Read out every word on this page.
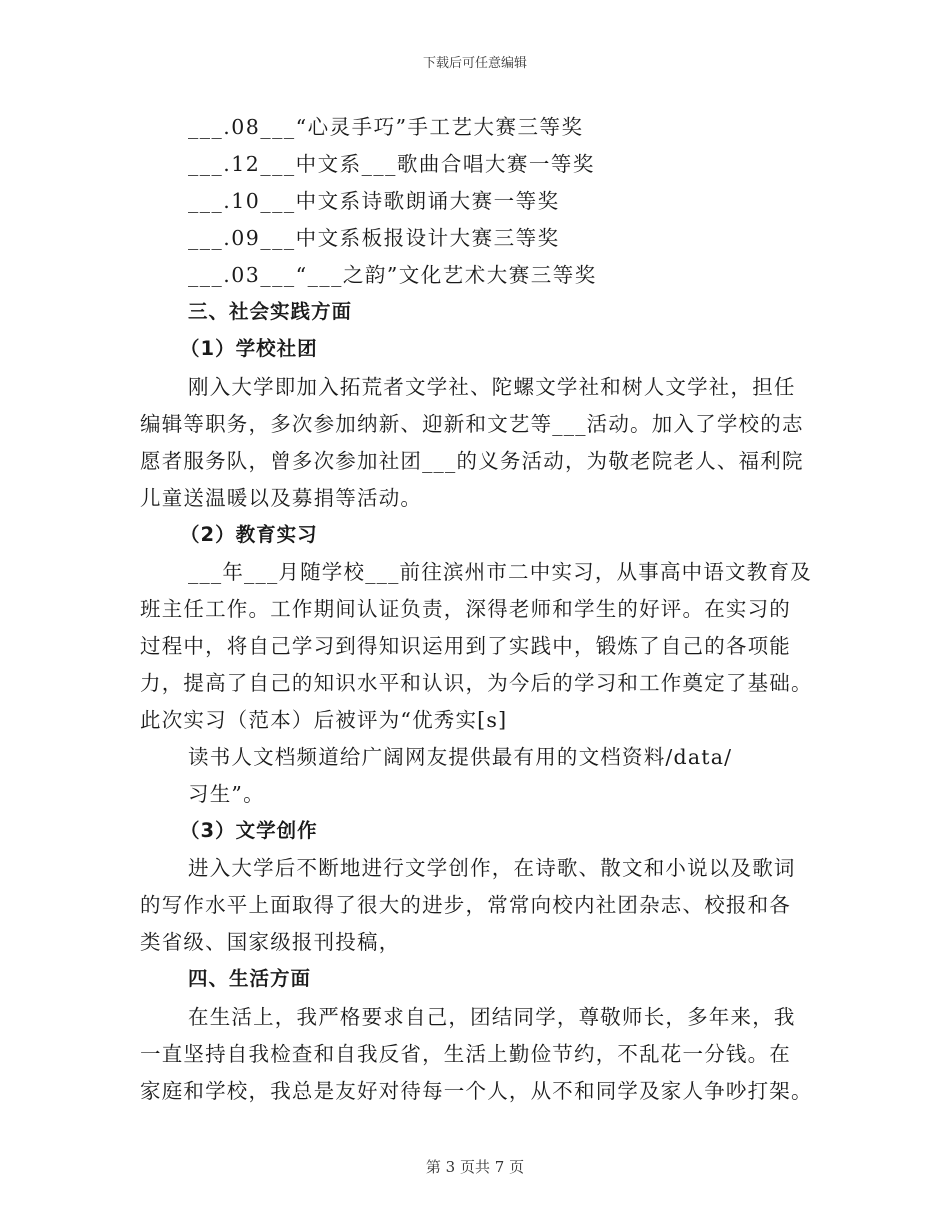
下载后可任意编辑
___.08___“心灵手巧”手工艺大赛三等奖
___.12___中文系___歌曲合唱大赛一等奖
___.10___中文系诗歌朗诵大赛一等奖
___.09___中文系板报设计大赛三等奖
___.03___“___之韵”文化艺术大赛三等奖
三、社会实践方面
（1）学校社团
刚入大学即加入拓荒者文学社、陀螺文学社和树人文学社，担任
编辑等职务，多次参加纳新、迎新和文艺等___活动。加入了学校的志
愿者服务队，曾多次参加社团___的义务活动，为敬老院老人、福利院
儿童送温暖以及募捐等活动。
（2）教育实习
___年___月随学校___前往滨州市二中实习，从事高中语文教育及
班主任工作。工作期间认证负责，深得老师和学生的好评。在实习的
过程中，将自己学习到得知识运用到了实践中，锻炼了自己的各项能
力，提高了自己的知识水平和认识，为今后的学习和工作奠定了基础。
此次实习（范本）后被评为“优秀实[s]
读书人文档频道给广阔网友提供最有用的文档资料/data/
习生”。
（3）文学创作
进入大学后不断地进行文学创作，在诗歌、散文和小说以及歌词
的写作水平上面取得了很大的进步，常常向校内社团杂志、校报和各
类省级、国家级报刊投稿，
四、生活方面
在生活上，我严格要求自己，团结同学，尊敬师长，多年来，我
一直坚持自我检查和自我反省，生活上勤俭节约，不乱花一分钱。在
家庭和学校，我总是友好对待每一个人，从不和同学及家人争吵打架。
第 3 页共 7 页
